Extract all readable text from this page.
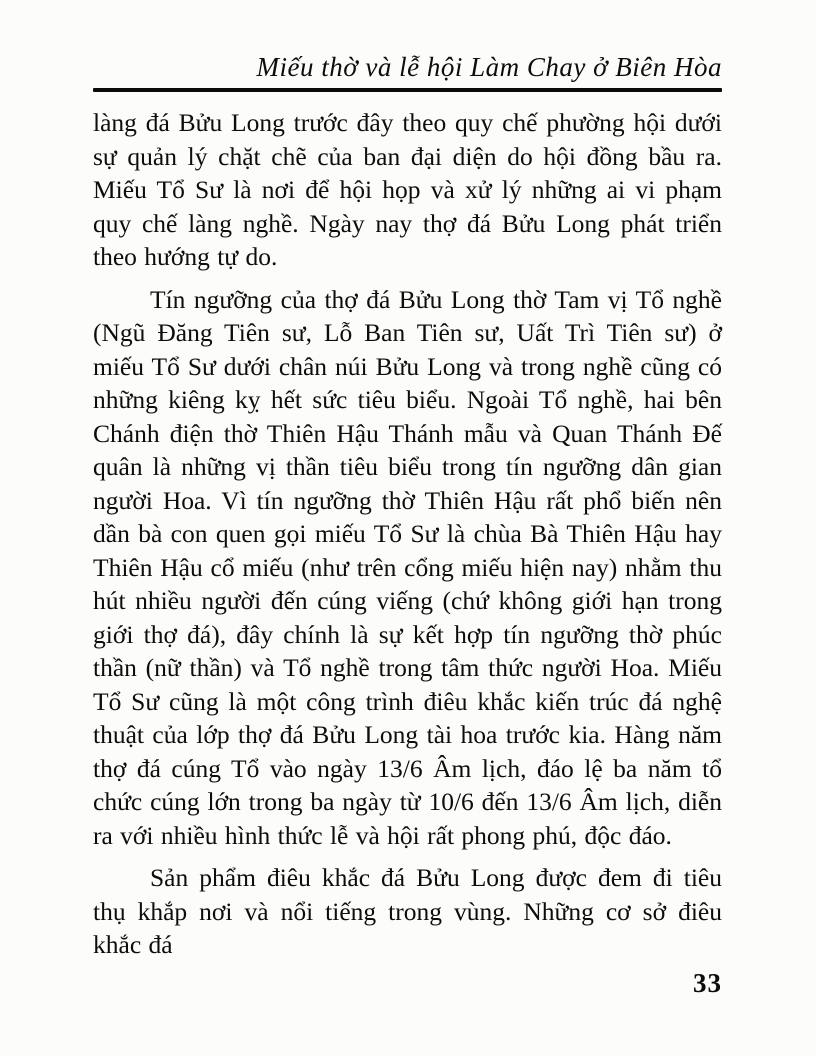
Miếu thờ và lễ hội Làm Chay ở Biên Hòa

làng đá Bửu Long trước đây theo quy chế phường hội dưới sự quản lý chặt chẽ của ban đại diện do hội đồng bầu ra. Miếu Tổ Sư là nơi để hội họp và xử lý những ai vi phạm quy chế làng nghề. Ngày nay thợ đá Bửu Long phát triển theo hướng tự do.

Tín ngưỡng của thợ đá Bửu Long thờ Tam vị Tổ nghề (Ngũ Đăng Tiên sư, Lỗ Ban Tiên sư, Uất Trì Tiên sư) ở miếu Tổ Sư dưới chân núi Bửu Long và trong nghề cũng có những kiêng kỵ hết sức tiêu biểu. Ngoài Tổ nghề, hai bên Chánh điện thờ Thiên Hậu Thánh mẫu và Quan Thánh Đế quân là những vị thần tiêu biểu trong tín ngưỡng dân gian người Hoa. Vì tín ngưỡng thờ Thiên Hậu rất phổ biến nên dần bà con quen gọi miếu Tổ Sư là chùa Bà Thiên Hậu hay Thiên Hậu cổ miếu (như trên cổng miếu hiện nay) nhằm thu hút nhiều người đến cúng viếng (chứ không giới hạn trong giới thợ đá), đây chính là sự kết hợp tín ngưỡng thờ phúc thần (nữ thần) và Tổ nghề trong tâm thức người Hoa. Miếu Tổ Sư cũng là một công trình điêu khắc kiến trúc đá nghệ thuật của lớp thợ đá Bửu Long tài hoa trước kia. Hàng năm thợ đá cúng Tổ vào ngày 13/6 Âm lịch, đáo lệ ba năm tổ chức cúng lớn trong ba ngày từ 10/6 đến 13/6 Âm lịch, diễn ra với nhiều hình thức lễ và hội rất phong phú, độc đáo.

Sản phẩm điêu khắc đá Bửu Long được đem đi tiêu thụ khắp nơi và nổi tiếng trong vùng. Những cơ sở điêu khắc đá

33
